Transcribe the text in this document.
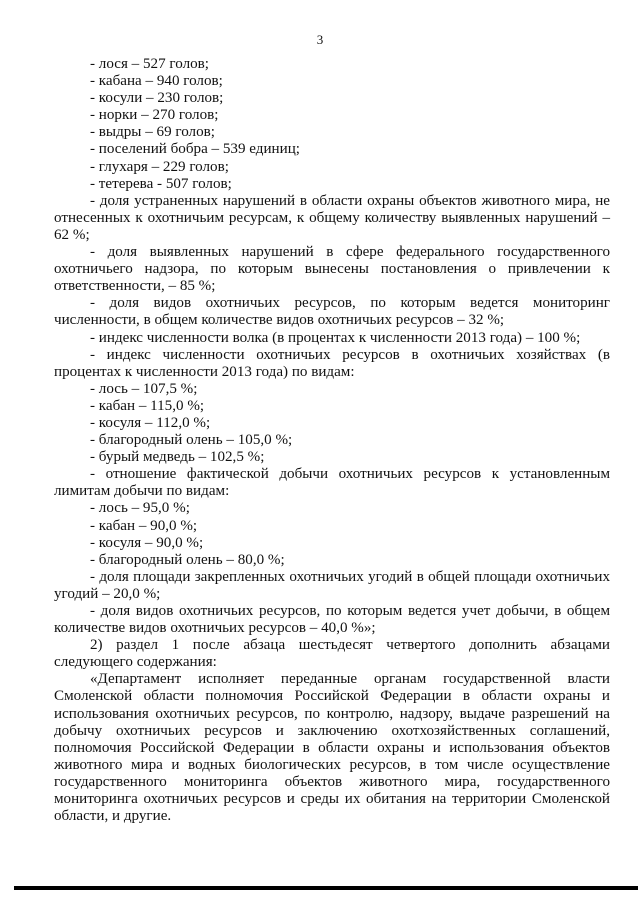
3
- лося – 527 голов;
- кабана – 940 голов;
- косули – 230 голов;
- норки – 270 голов;
- выдры – 69 голов;
- поселений бобра – 539 единиц;
- глухаря – 229 голов;
- тетерева - 507 голов;
- доля устраненных нарушений в области охраны объектов животного мира, не отнесенных к охотничьим ресурсам, к общему количеству выявленных нарушений – 62 %;
- доля выявленных нарушений в сфере федерального государственного охотничьего надзора, по которым вынесены постановления о привлечении к ответственности, – 85 %;
- доля видов охотничьих ресурсов, по которым ведется мониторинг численности, в общем количестве видов охотничьих ресурсов – 32 %;
- индекс численности волка (в процентах к численности 2013 года) – 100 %;
- индекс численности охотничьих ресурсов в охотничьих хозяйствах (в процентах к численности 2013 года) по видам:
- лось – 107,5 %;
- кабан – 115,0 %;
- косуля – 112,0 %;
- благородный олень – 105,0 %;
- бурый медведь – 102,5 %;
- отношение фактической добычи охотничьих ресурсов к установленным лимитам добычи по видам:
- лось – 95,0 %;
- кабан – 90,0 %;
- косуля – 90,0 %;
- благородный олень – 80,0 %;
- доля площади закрепленных охотничьих угодий в общей площади охотничьих угодий – 20,0 %;
- доля видов охотничьих ресурсов, по которым ведется учет добычи, в общем количестве видов охотничьих ресурсов – 40,0 %»;
2) раздел 1 после абзаца шестьдесят четвертого дополнить абзацами следующего содержания:
«Департамент исполняет переданные органам государственной власти Смоленской области полномочия Российской Федерации в области охраны и использования охотничьих ресурсов, по контролю, надзору, выдаче разрешений на добычу охотничьих ресурсов и заключению охотхозяйственных соглашений, полномочия Российской Федерации в области охраны и использования объектов животного мира и водных биологических ресурсов, в том числе осуществление государственного мониторинга объектов животного мира, государственного мониторинга охотничьих ресурсов и среды их обитания на территории Смоленской области, и другие.
